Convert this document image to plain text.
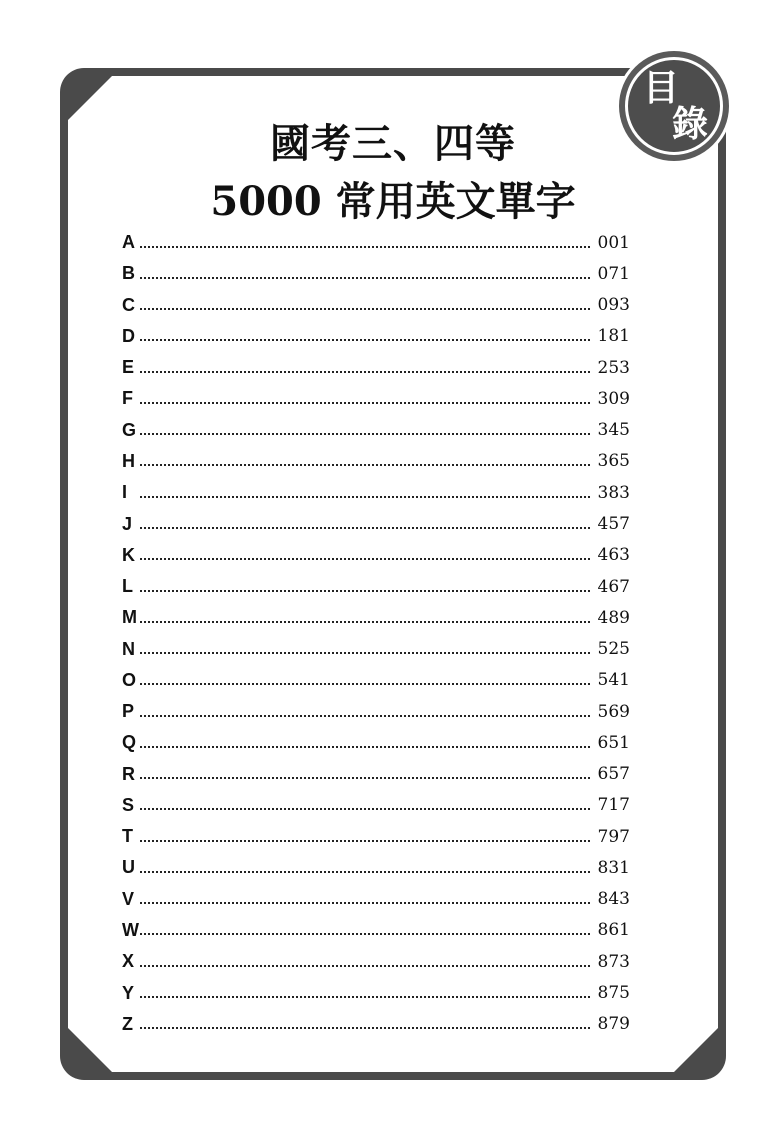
目
錄
國考三、四等
5000 常用英文單字
A	001
B	071
C	093
D	181
E	253
F	309
G	345
H	365
I	383
J	457
K	463
L	467
M	489
N	525
O	541
P	569
Q	651
R	657
S	717
T	797
U	831
V	843
W	861
X	873
Y	875
Z	879
